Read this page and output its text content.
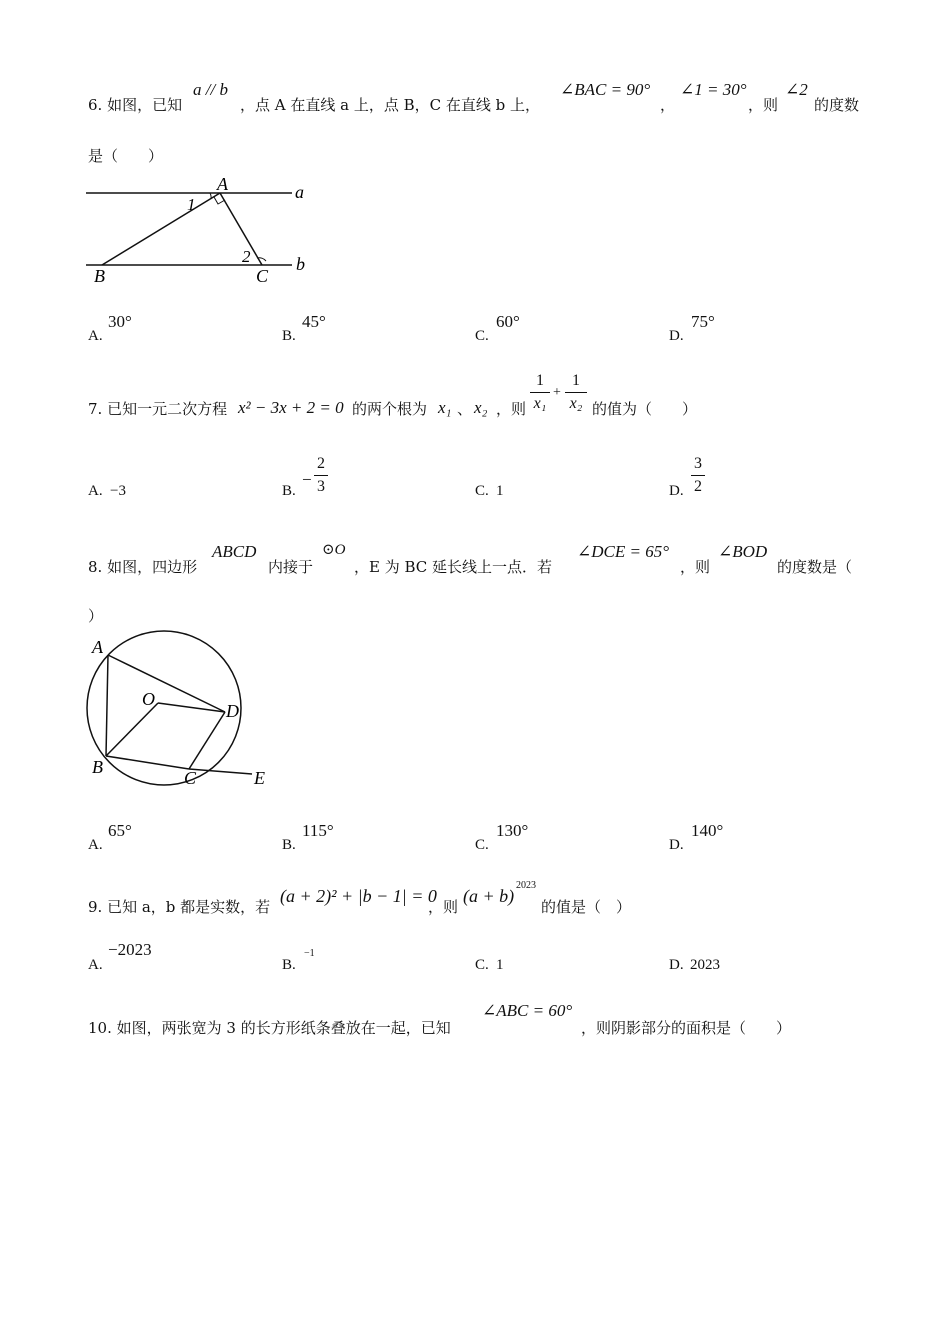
6. 如图，已知
a // b
，点 A 在直线 a 上，点 B，C 在直线 b 上，
∠BAC = 90°
，
∠1 = 30°
，则
∠2
的度数
是（　　）
A	a
1
2
B	C
b
A.
30°
B.
45°
C.
60°
D.
75°
7. 已知一元二次方程 x² − 3x + 2 = 0 的两个根为 x₁ 、 x₂ ，则
1
x₁
+
1
x₂ 的值为（　　）
A. −3	B.
−
2
3	C. 1	D.
3
2
8. 如图，四边形
ABCD
内接于
⊙O
，E 为 BC 延长线上一点．若
∠DCE = 65°
，则
∠BOD
的度数是（
）
A
O
D
B
C	E
A.
65°
B.
115°
C.
130°
D.
140°
9. 已知 a，b 都是实数，若
(a + 2)² + |b − 1| = 0
，则
(a + b)
2023
的值是（　）
A.
−2023
B.
−1
C. 1	D. 2023
10. 如图，两张宽为 3 的长方形纸条叠放在一起，已知
∠ABC = 60°
，则阴影部分的面积是（　　）
